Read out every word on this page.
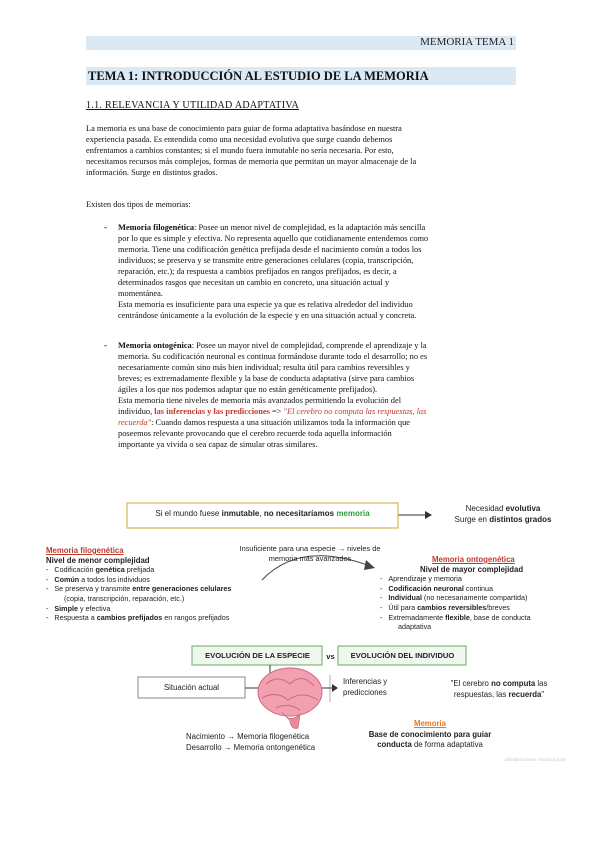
MEMORIA TEMA 1
TEMA 1: INTRODUCCIÓN AL ESTUDIO DE LA MEMORIA
1.1. RELEVANCIA Y UTILIDAD ADAPTATIVA
La memoria es una base de conocimiento para guiar de forma adaptativa basándose en nuestra
experiencia pasada. Es entendida como una necesidad evolutiva que surge cuando debemos
enfrentamos a cambios constantes; si el mundo fuera inmutable no sería necesaria. Por esto,
necesitamos recursos más complejos, formas de memoria que permitan un mayor almacenaje de la
información. Surge en distintos grados.
Existen dos tipos de memorias:
- Memoria filogenética: Posee un menor nivel de complejidad, es la adaptación más sencilla
por lo que es simple y efectiva. No representa aquello que cotidianamente entendemos como
memoria. Tiene una codificación genética prefijada desde el nacimiento común a todos los
individuos; se preserva y se transmite entre generaciones celulares (copia, transcripción,
reparación, etc.); da respuesta a cambios prefijados en rangos prefijados, es decir, a
determinados rasgos que necesitan un cambio en concreto, una situación actual y
momentánea.
Esta memoria es insuficiente para una especie ya que es relativa alrededor del individuo
centrándose únicamente a la evolución de la especie y en una situación actual y concreta.
- Memoria ontogénica: Posee un mayor nivel de complejidad, comprende el aprendizaje y la
memoria. Su codificación neuronal es continua formándose durante todo el desarrollo; no es
necesariamente común sino más bien individual; resulta útil para cambios reversibles y
breves; es extremadamente flexible y la base de conducta adaptativa (sirve para cambios
ágiles a los que nos podemos adaptar que no están genéticamente prefijados).
Esta memoria tiene niveles de memoria más avanzados permitiendo la evolución del
individuo, las inferencias y las predicciones => "El cerebro no computa las respuestas, las
recuerda": Cuando damos respuesta a una situación utilizamos toda la información que
poseemos relevante provocando que el cerebro recuerde toda aquella información
importante ya vivida o sea capaz de simular otras similares.
Si el mundo fuese inmutable, no necesitaríamos memoria
Necesidad evolutiva
Surge en distintos grados
Insuficiente para una especie → niveles de
memoria más avanzados
Memoria filogenética
Nivel de menor complejidad
-   Codificación genética prefijada
-   Común a todos los individuos
-   Se preserva y transmite entre generaciones celulares
(copia, transcripción, reparación, etc.)
-   Simple y efectiva
-   Respuesta a cambios prefijados en rangos prefijados
Memoria ontogenética
Nivel de mayor complejidad
-   Aprendizaje y memoria
-   Codificación neuronal continua
-   Individual (no necesariamente compartida)
-   Útil para cambios reversibles/breves
-   Extremadamente flexible, base de conducta
adaptativa
EVOLUCIÓN DE LA ESPECIE	vs	EVOLUCIÓN DEL INDIVIDUO
Situación actual
Inferencias y
predicciones
"El cerebro no computa las
respuestas, las recuerda"
Nacimiento → Memoria filogenética
Desarrollo → Memoria ontongenética
Memoria
Base de conocimiento para guiar
conducta de forma adaptativa
Elisabet Gómez Vicario (UCM)
